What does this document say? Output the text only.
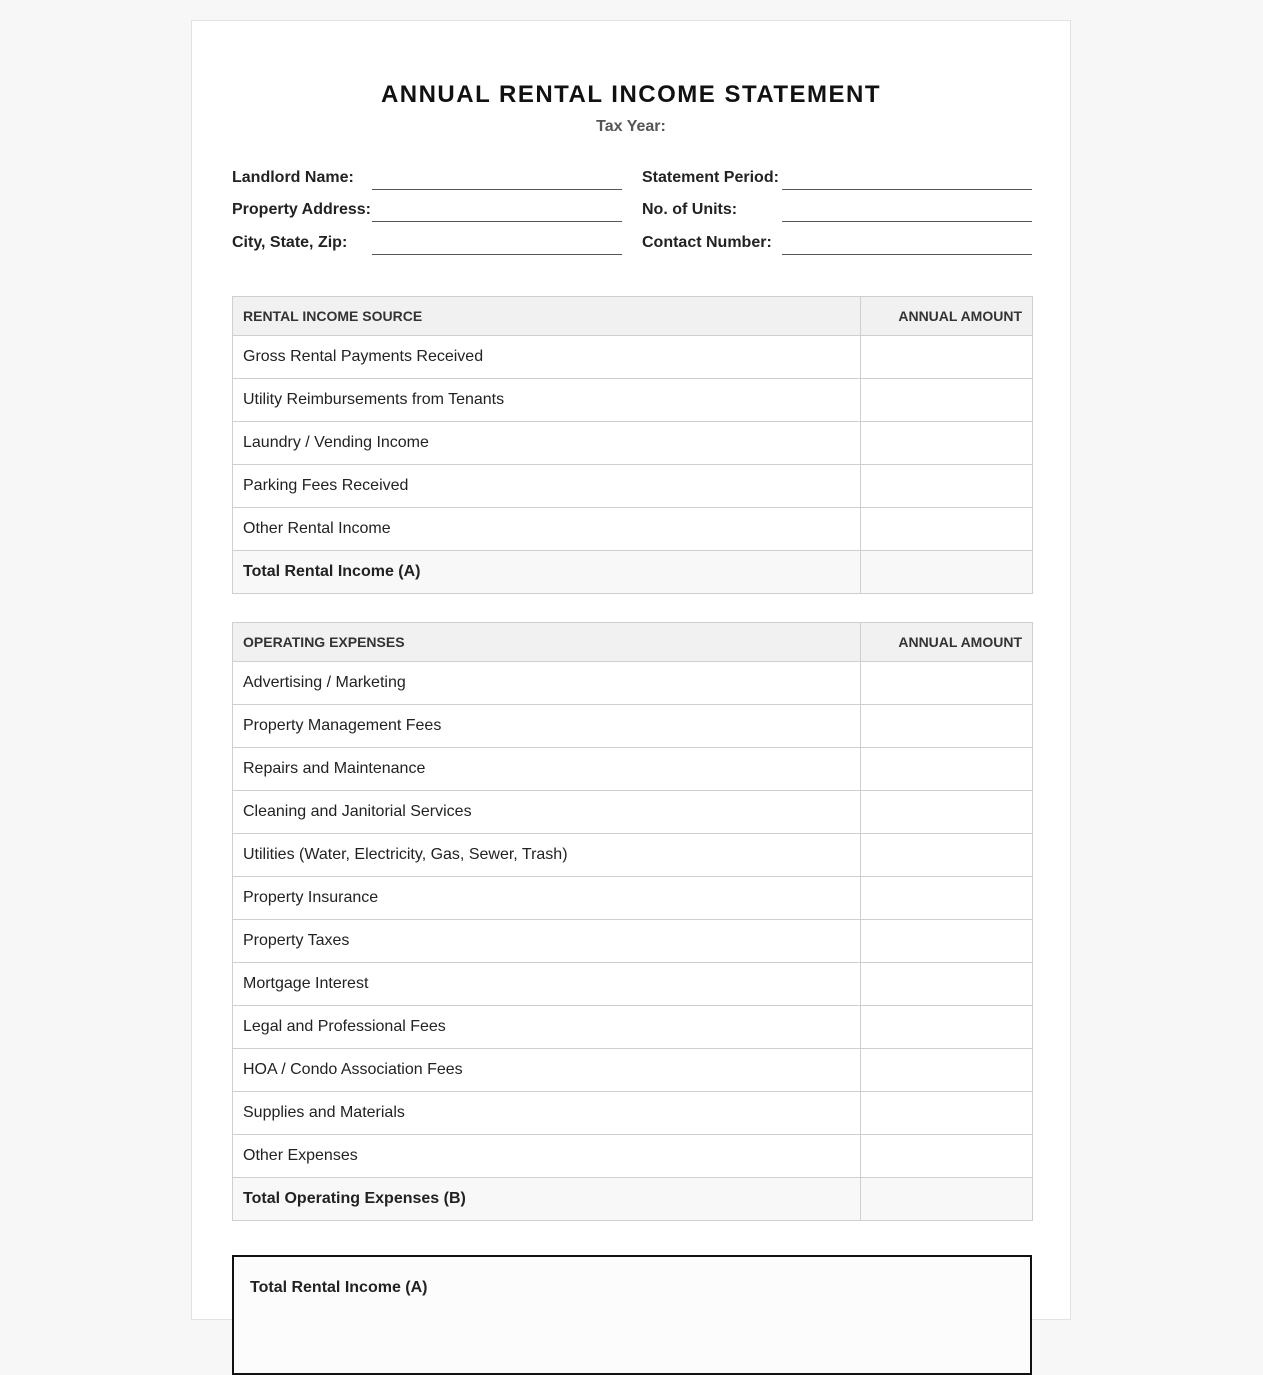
ANNUAL RENTAL INCOME STATEMENT
Tax Year:
Landlord Name:
Property Address:
City, State, Zip:
Statement Period:
No. of Units:
Contact Number:
RENTAL INCOME SOURCE	ANNUAL AMOUNT
Gross Rental Payments Received	
Utility Reimbursements from Tenants	
Laundry / Vending Income	
Parking Fees Received	
Other Rental Income	
Total Rental Income (A)	
OPERATING EXPENSES	ANNUAL AMOUNT
Advertising / Marketing	
Property Management Fees	
Repairs and Maintenance	
Cleaning and Janitorial Services	
Utilities (Water, Electricity, Gas, Sewer, Trash)	
Property Insurance	
Property Taxes	
Mortgage Interest	
Legal and Professional Fees	
HOA / Condo Association Fees	
Supplies and Materials	
Other Expenses	
Total Operating Expenses (B)	
Total Rental Income (A)
